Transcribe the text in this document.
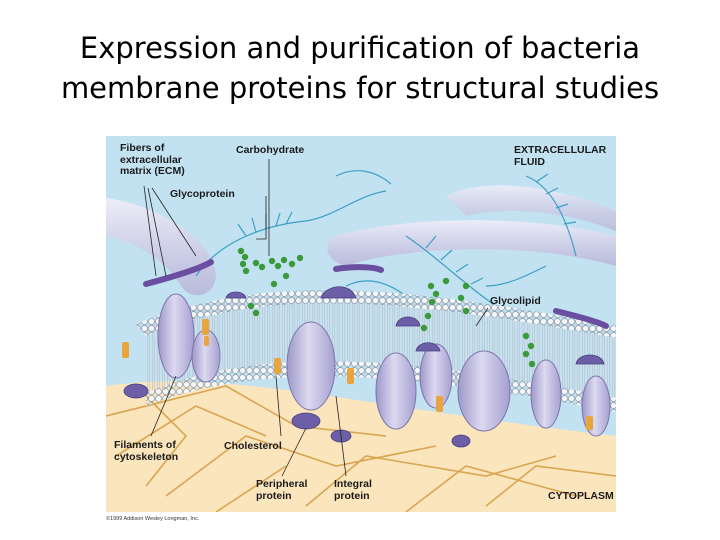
Expression and purification of bacteria
membrane proteins for structural studies
Fibers of
extracellular
matrix (ECM)
Carbohydrate
Glycoprotein
EXTRACELLULAR
FLUID
Glycolipid
Filaments of
cytoskeleton
Cholesterol
Peripheral
protein
Integral
protein	CYTOPLASM
©1999 Addison Wesley Longman, Inc.
